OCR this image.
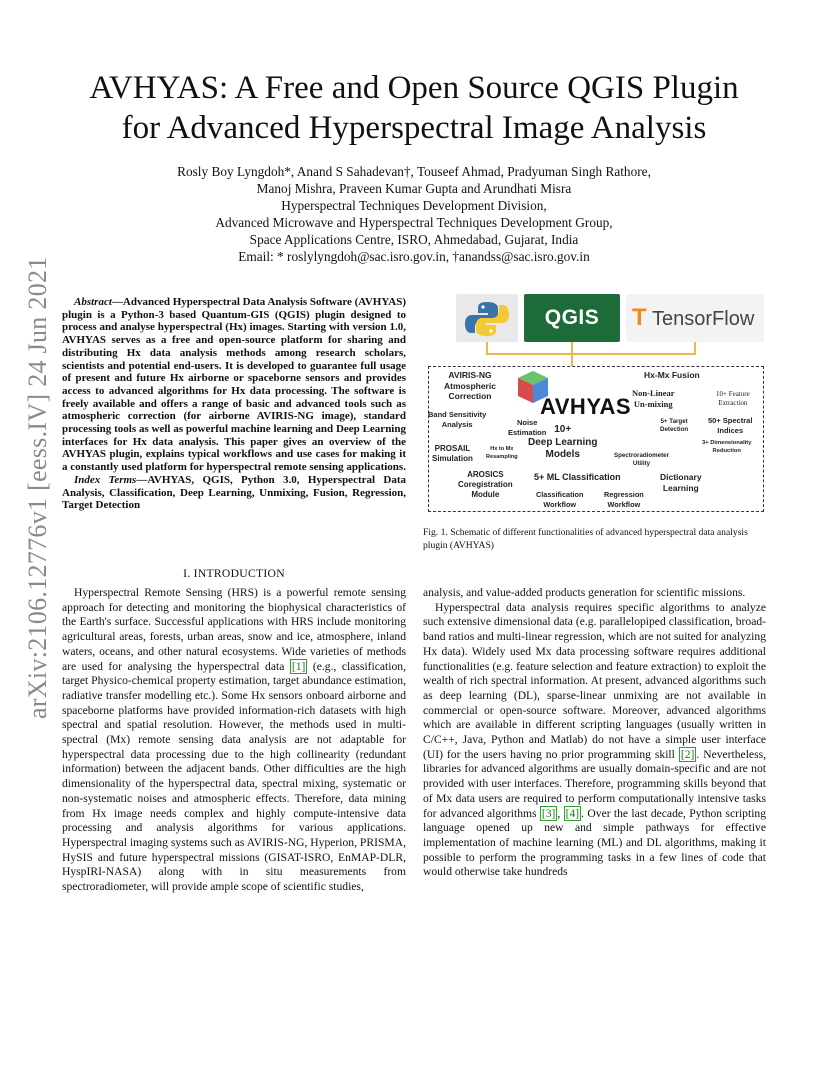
arXiv:2106.12776v1 [eess.IV] 24 Jun 2021
AVHYAS: A Free and Open Source QGIS Plugin
for Advanced Hyperspectral Image Analysis
Rosly Boy Lyngdoh*, Anand S Sahadevan†, Touseef Ahmad, Pradyuman Singh Rathore,
Manoj Mishra, Praveen Kumar Gupta and Arundhati Misra
Hyperspectral Techniques Development Division,
Advanced Microwave and Hyperspectral Techniques Development Group,
Space Applications Centre, ISRO, Ahmedabad, Gujarat, India
Email: * roslylyngdoh@sac.isro.gov.in, †anandss@sac.isro.gov.in

Abstract—Advanced Hyperspectral Data Analysis Software (AVHYAS) plugin is a Python-3 based Quantum-GIS (QGIS) plugin designed to process and analyse hyperspectral (Hx) images. Starting with version 1.0, AVHYAS serves as a free and open-source platform for sharing and distributing Hx data analysis methods among research scholars, scientists and potential end-users. It is developed to guarantee full usage of present and future Hx airborne or spaceborne sensors and provides access to advanced algorithms for Hx data processing. The software is freely available and offers a range of basic and advanced tools such as atmospheric correction (for airborne AVIRIS-NG image), standard processing tools as well as powerful machine learning and Deep Learning interfaces for Hx data analysis. This paper gives an overview of the AVHYAS plugin, explains typical workflows and use cases for making it a constantly used platform for hyperspectral remote sensing applications.

Index Terms—AVHYAS, QGIS, Python 3.0, Hyperspectral Data Analysis, Classification, Deep Learning, Unmixing, Fusion, Regression, Target Detection

I. INTRODUCTION

Hyperspectral Remote Sensing (HRS) is a powerful remote sensing approach for detecting and monitoring the biophysical characteristics of the Earth's surface. Successful applications with HRS include monitoring agricultural areas, forests, urban areas, snow and ice, atmosphere, inland waters, oceans, and other natural ecosystems. Wide varieties of methods are used for analysing the hyperspectral data [1] (e.g., classification, target Physico-chemical property estimation, target abundance estimation, radiative transfer modelling etc.). Some Hx sensors onboard airborne and spaceborne platforms have provided information-rich datasets with high spectral and spatial resolution. However, the methods used in multi-spectral (Mx) remote sensing data analysis are not adaptable for hyperspectral data processing due to the high collinearity (redundant information) between the adjacent bands. Other difficulties are the high dimensionality of the hyperspectral data, spectral mixing, systematic or non-systematic noises and atmospheric effects. Therefore, data mining from Hx image needs complex and highly compute-intensive data processing and analysis algorithms for various applications. Hyperspectral imaging systems such as AVIRIS-NG, Hyperion, PRISMA, HySIS and future hyperspectral missions (GISAT-ISRO, EnMAP-DLR, HyspIRI-NASA) along with in situ measurements from spectroradiometer, will provide ample scope of scientific studies,

QGIS 3.14
T TensorFlow
AVHYAS
AVIRIS-NG
Atmospheric
Correction
Band Sensitivity
Analysis	Noise
Estimation
PROSAIL
Simulation
Hx to Mx
Resampling
10+
Deep Learning
Models
AROSICS
Coregistration
Module
5+ ML Classification
Classification
Workflow
Regression
Workflow
Hx-Mx Fusion
Non-Linear
Un-mixing
10+ Feature
Extraction
5+ Target
Detection
50+ Spectral
Indices
3+ Dimensionality
Reduction
Spectroradiometer
Utility
Dictionary
Learning
Fig. 1. Schematic of different functionalities of advanced hyperspectral data analysis plugin (AVHYAS)

analysis, and value-added products generation for scientific missions.

Hyperspectral data analysis requires specific algorithms to analyze such extensive dimensional data (e.g. parallelopiped classification, broad-band ratios and multi-linear regression, which are not suited for analyzing Hx data). Widely used Mx data processing software requires additional functionalities (e.g. feature selection and feature extraction) to exploit the wealth of rich spectral information. At present, advanced algorithms such as deep learning (DL), sparse-linear unmixing are not available in commercial or open-source software. Moreover, advanced algorithms which are available in different scripting languages (usually written in C/C++, Java, Python and Matlab) do not have a simple user interface (UI) for the users having no prior programming skill [2] . Nevertheless, libraries for advanced algorithms are usually domain-specific and are not provided with user interfaces. Therefore, programming skills beyond that of Mx data users are required to perform computationally intensive tasks for advanced algorithms [3] , [4] . Over the last decade, Python scripting language opened up new and simple pathways for effective implementation of machine learning (ML) and DL algorithms, making it possible to perform the programming tasks in a few lines of code that would otherwise take hundreds
